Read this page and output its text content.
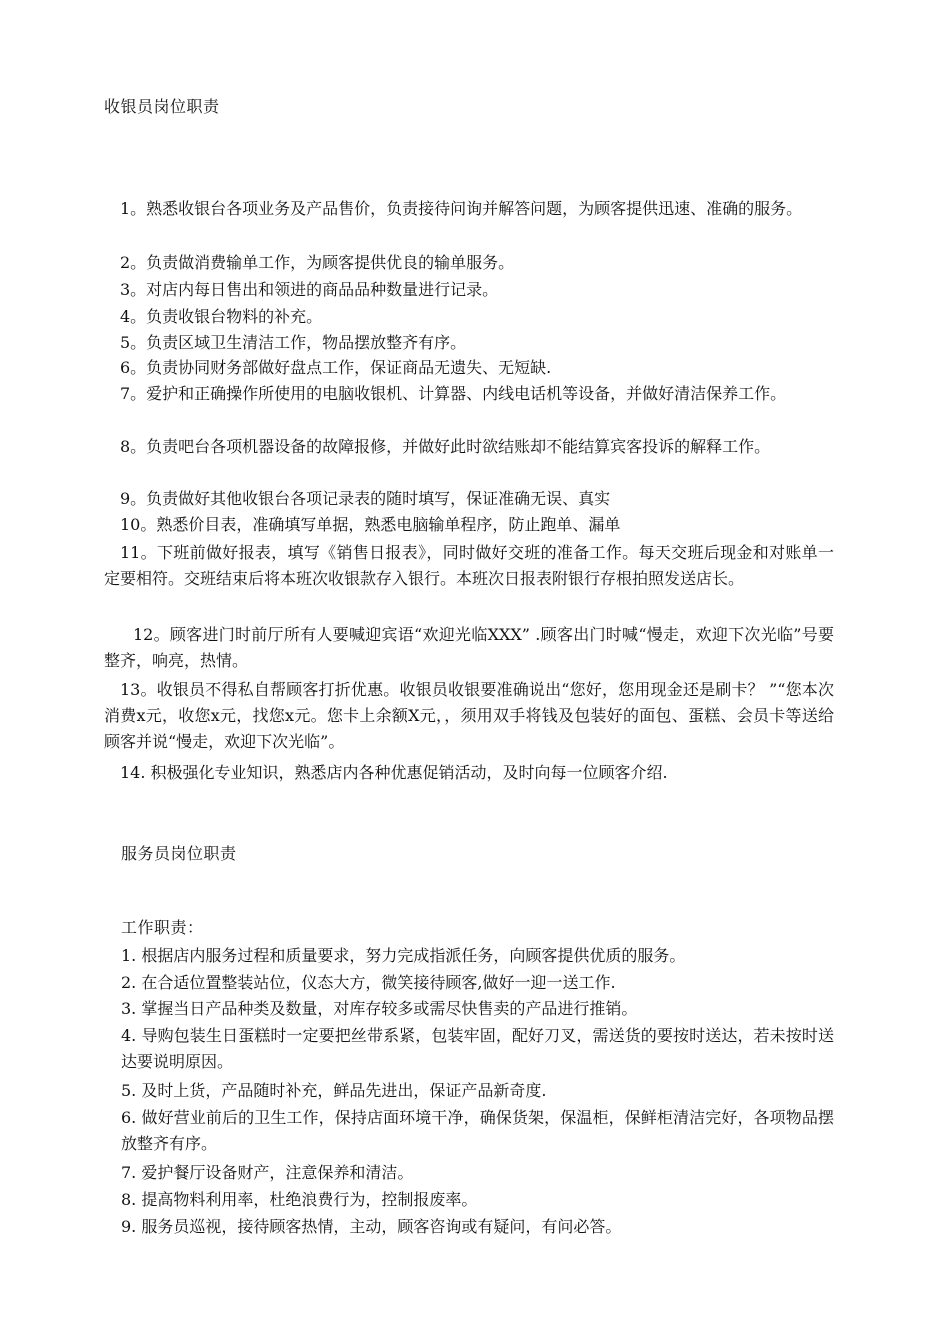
收银员岗位职责
1。熟悉收银台各项业务及产品售价，负责接待问询并解答问题，为顾客提供迅速、准确的服务。
2。负责做消费输单工作，为顾客提供优良的输单服务。
3。对店内每日售出和领进的商品品种数量进行记录。
4。负责收银台物料的补充。
5。负责区域卫生清洁工作，物品摆放整齐有序。
6。负责协同财务部做好盘点工作，保证商品无遗失、无短缺.
7。爱护和正确操作所使用的电脑收银机、计算器、内线电话机等设备，并做好清洁保养工作。
8。负责吧台各项机器设备的故障报修，并做好此时欲结账却不能结算宾客投诉的解释工作。
9。负责做好其他收银台各项记录表的随时填写，保证准确无误、真实
10。熟悉价目表，准确填写单据，熟悉电脑输单程序，防止跑单、漏单
11。下班前做好报表，填写《销售日报表》，同时做好交班的准备工作。每天交班后现金和对账单一定要相符。交班结束后将本班次收银款存入银行。本班次日报表附银行存根拍照发送店长。
12。顾客进门时前厅所有人要喊迎宾语“欢迎光临XXX” .顾客出门时喊“慢走，欢迎下次光临”号要整齐，响亮，热情。
13。收银员不得私自帮顾客打折优惠。收银员收银要准确说出“您好，您用现金还是刷卡？ ”“您本次消费x元，收您x元，找您x元。您卡上余额X元，，须用双手将钱及包装好的面包、蛋糕、会员卡等送给顾客并说“慢走，欢迎下次光临”。
14. 积极强化专业知识，熟悉店内各种优惠促销活动，及时向每一位顾客介绍.
服务员岗位职责
工作职责：
1. 根据店内服务过程和质量要求，努力完成指派任务，向顾客提供优质的服务。
2. 在合适位置整装站位，仪态大方，微笑接待顾客,做好一迎一送工作.
3. 掌握当日产品种类及数量，对库存较多或需尽快售卖的产品进行推销。
4. 导购包装生日蛋糕时一定要把丝带系紧，包装牢固，配好刀叉，需送货的要按时送达，若未按时送达要说明原因。
5. 及时上货，产品随时补充，鲜品先进出，保证产品新奇度.
6. 做好营业前后的卫生工作，保持店面环境干净，确保货架，保温柜，保鲜柜清洁完好，各项物品摆放整齐有序。
7. 爱护餐厅设备财产，注意保养和清洁。
8. 提高物料利用率，杜绝浪费行为，控制报废率。
9. 服务员巡视，接待顾客热情，主动，顾客咨询或有疑问，有问必答。
